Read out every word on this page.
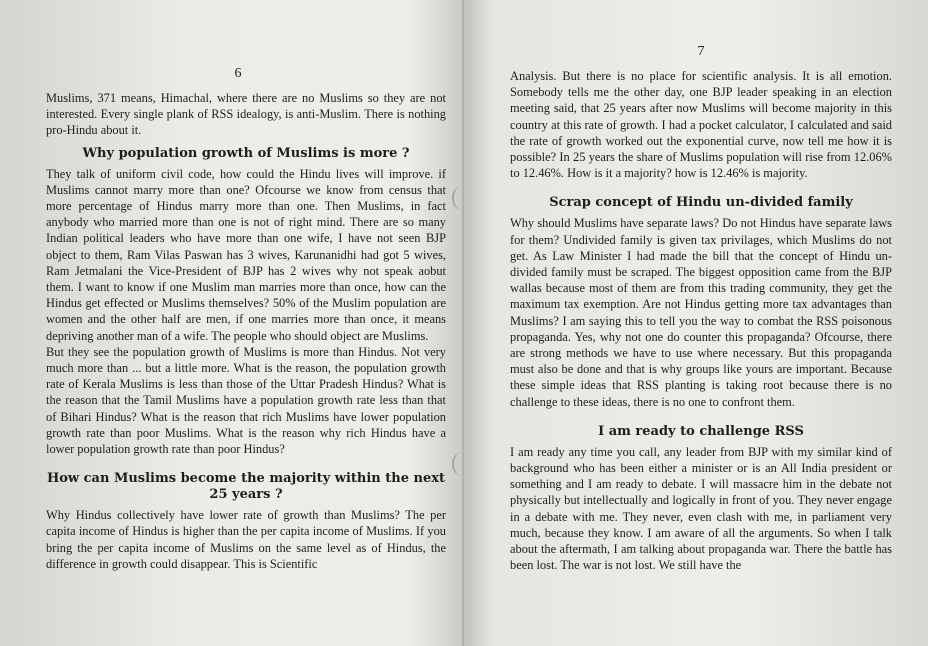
6

Muslims, 371 means, Himachal, where there are no Muslims so they are not interested. Every single plank of RSS idealogy, is anti-Muslim. There is nothing pro-Hindu about it.

Why population growth of Muslims is more ?

They talk of uniform civil code, how could the Hindu lives will improve. if Muslims cannot marry more than one? Ofcourse we know from census that more percentage of Hindus marry more than one. Then Muslims, in fact anybody who married more than one is not of right mind. There are so many Indian political leaders who have more than one wife, I have not seen BJP object to them, Ram Vilas Paswan has 3 wives, Karunanidhi had got 5 wives, Ram Jetmalani the Vice-President of BJP has 2 wives why not speak aobut them. I want to know if one Muslim man marries more than once, how can the Hindus get effected or Muslims themselves? 50% of the Muslim population are women and the other half are men, if one marries more than once, it means depriving another man of a wife. The people who should object are Muslims.

But they see the population growth of Muslims is more than Hindus. Not very much more than ... but a little more. What is the reason, the population growth rate of Kerala Muslims is less than those of the Uttar Pradesh Hindus? What is the reason that the Tamil Muslims have a population growth rate less than that of Bihari Hindus? What is the reason that rich Muslims have lower population growth rate than poor Muslims. What is the reason why rich Hindus have a lower population growth rate than poor Hindus?

How can Muslims become the majority within the next 25 years ?

Why Hindus collectively have lower rate of growth than Muslims? The per capita income of Hindus is higher than the per capita income of Muslims. If you bring the per capita income of Muslims on the same level as of Hindus, the difference in growth could disappear. This is Scientific

7

Analysis. But there is no place for scientific analysis. It is all emotion. Somebody tells me the other day, one BJP leader speaking in an election meeting said, that 25 years after now Muslims will become majority in this country at this rate of growth. I had a pocket calculator, I calculated and said the rate of growth worked out the exponential curve, now tell me how it is possible? In 25 years the share of Muslims population will rise from 12.06% to 12.46%. How is it a majority? how is 12.46% is majority.

Scrap concept of Hindu un-divided family

Why should Muslims have separate laws? Do not Hindus have separate laws for them? Undivided family is given tax privilages, which Muslims do not get. As Law Minister I had made the bill that the concept of Hindu un-divided family must be scraped. The biggest opposition came from the BJP wallas because most of them are from this trading community, they get the maximum tax exemption. Are not Hindus getting more tax advantages than Muslims? I am saying this to tell you the way to combat the RSS poisonous propaganda. Yes, why not one do counter this propaganda? Ofcourse, there are strong methods we have to use where necessary. But this propaganda must also be done and that is why groups like yours are important. Because these simple ideas that RSS planting is taking root because there is no challenge to these ideas, there is no one to confront them.

I am ready to challenge RSS

I am ready any time you call, any leader from BJP with my similar kind of background who has been either a minister or is an All India president or something and I am ready to debate. I will massacre him in the debate not physically but intellectually and logically in front of you. They never engage in a debate with me. They never, even clash with me, in parliament very much, because they know. I am aware of all the arguments. So when I talk about the aftermath, I am talking about propaganda war. There the battle has been lost. The war is not lost. We still have the
